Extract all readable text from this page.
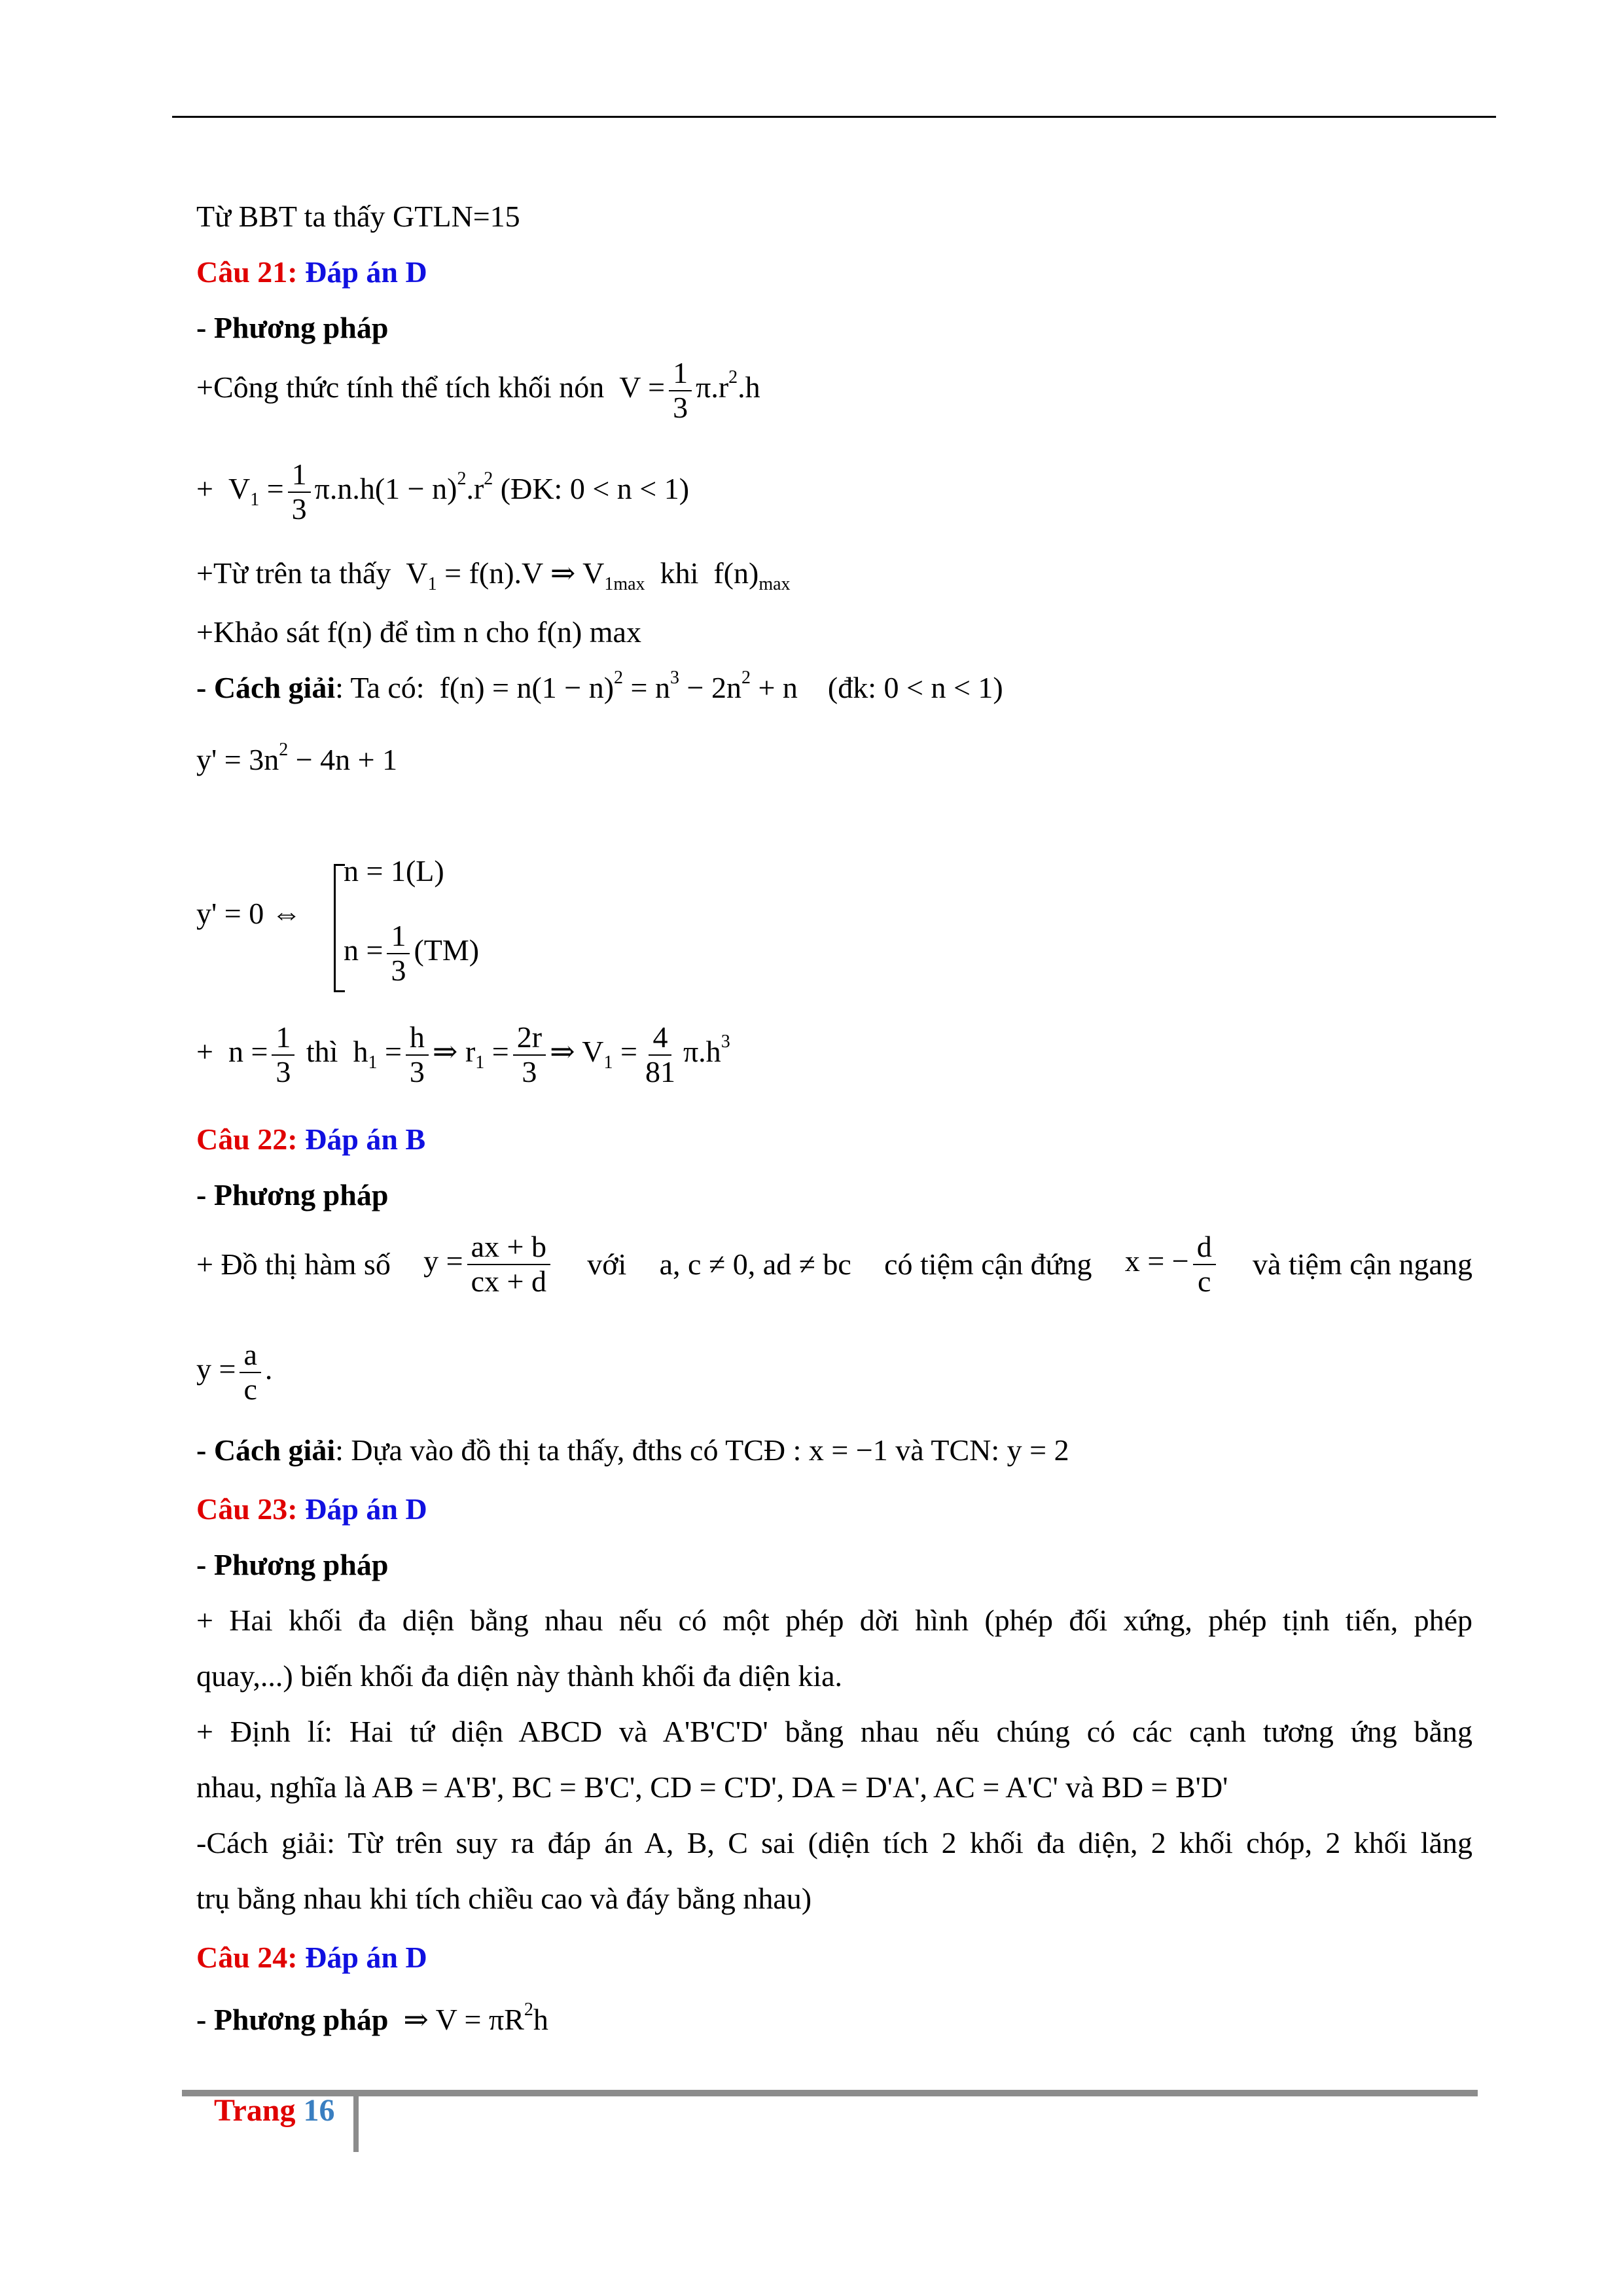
Từ BBT ta thấy GTLN=15
Câu 21: Đáp án D
- Phương pháp
+Công thức tính thể tích khối nón  $V = \frac{1}{3} \pi.r^2.h$
+  $V_1 = \frac{1}{3} \pi.n.h(1 - n)^2.r^2$ (ĐK: 0 < n < 1)
+Từ trên ta thấy  $V_1 = f(n).V$ ⇒ $V_{1max}$ khi  $f(n)_{max}$
+Khảo sát f(n) để tìm n cho f(n) max
- Cách giải: Ta có:  $f(n) = n(1 - n)^2 = n^3 - 2n^2 + n$    (đk: 0 < n < 1)
$y' = 3n^2 - 4n + 1$
y' = 0 ⇔
n = 1(L)
$n = \frac{1}{3} (TM)$
+  $n = \frac{1}{3}$ thì  $h_1 = \frac{h}{3}$ ⇒ $r_1 = \frac{2r}{3}$ ⇒ $V_1 = \frac{4}{81} \pi.h^3$
Câu 22: Đáp án B
- Phương pháp
+ Đồ thị hàm số $y = \frac{ax + b}{cx + d}$ với a, c ≠ 0, ad ≠ bc có tiệm cận đứng x = − $\frac{d}{c}$ và tiệm cận ngang
$y = \frac{a}{c}$ .
- Cách giải: Dựa vào đồ thị ta thấy, đths có TCĐ : x = −1 và TCN: y = 2
Câu 23: Đáp án D
- Phương pháp
+ Hai khối đa diện bằng nhau nếu có một phép dời hình (phép đối xứng, phép tịnh tiến, phép
quay,...) biến khối đa diện này thành khối đa diện kia.
+ Định lí: Hai tứ diện ABCD và A'B'C'D' bằng nhau nếu chúng có các cạnh tương ứng bằng
nhau, nghĩa là AB = A'B', BC = B'C', CD = C'D', DA = D'A', AC = A'C' và BD = B'D'
-Cách giải: Từ trên suy ra đáp án A, B, C sai (diện tích 2 khối đa diện, 2 khối chóp, 2 khối lăng
trụ bằng nhau khi tích chiều cao và đáy bằng nhau)
Câu 24: Đáp án D
- Phương pháp  ⇒ $V = \pi R^2h$
Trang 16
